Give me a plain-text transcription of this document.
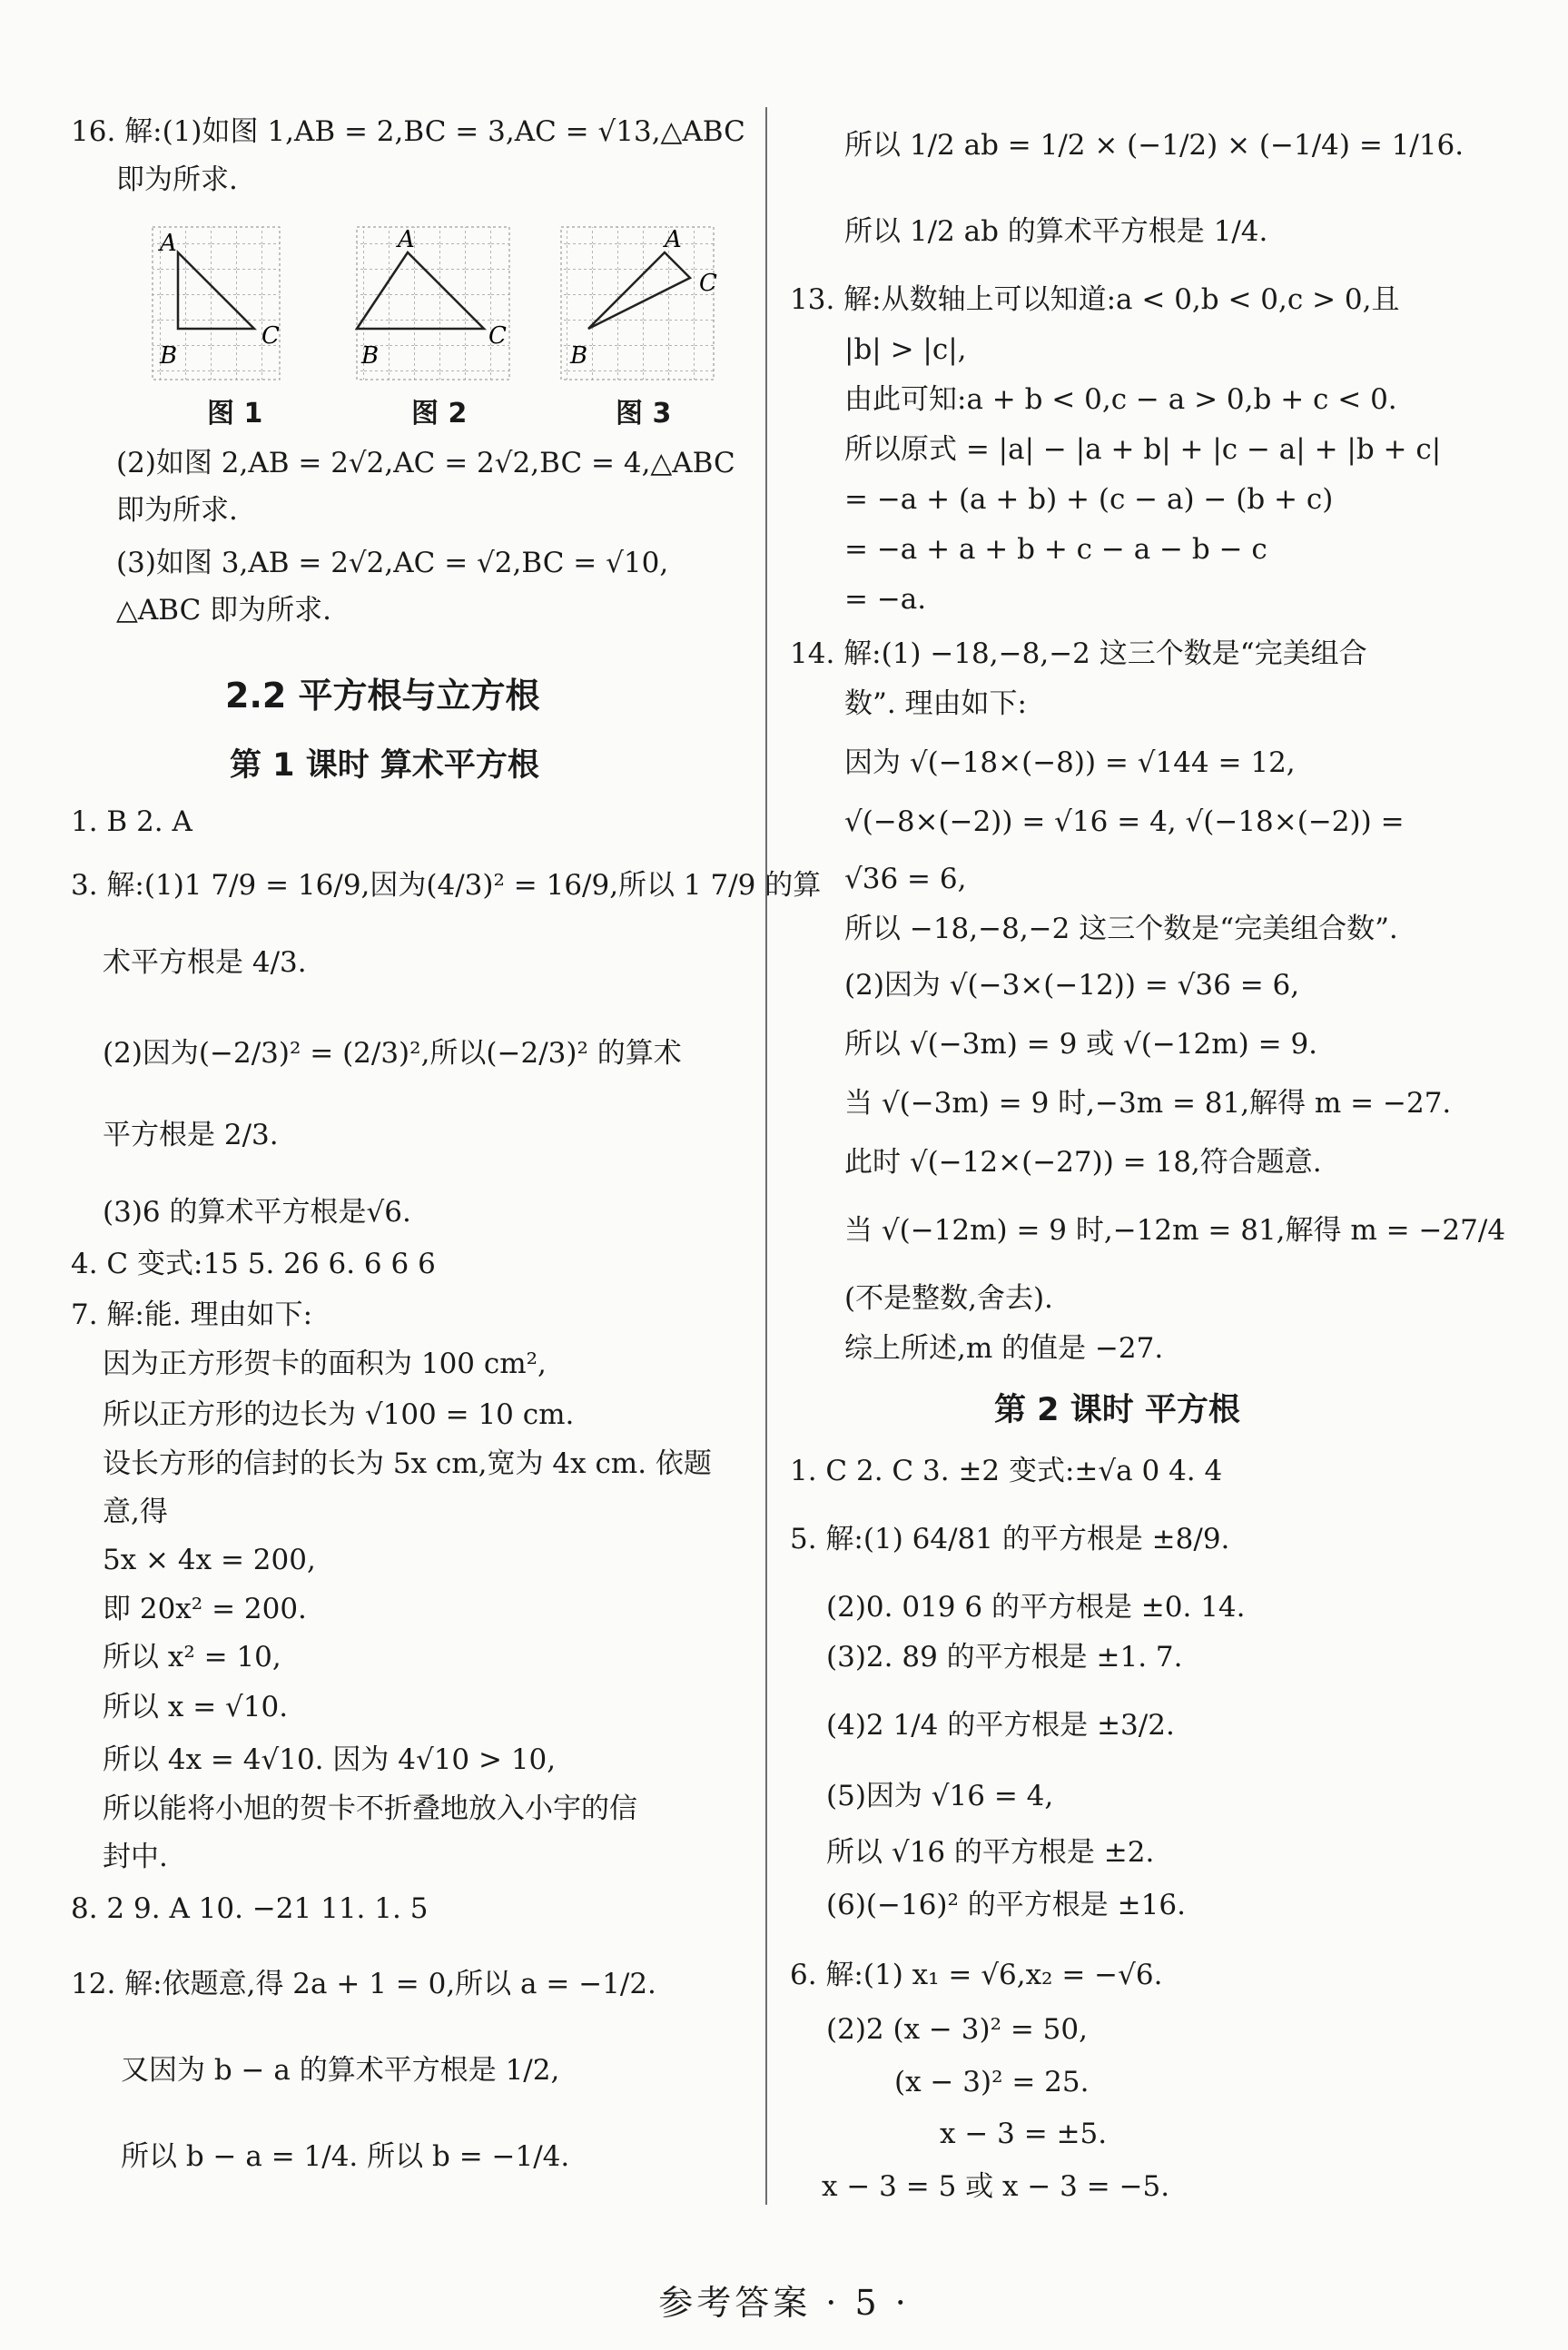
16. 解:(1)如图 1,AB = 2,BC = 3,AC = √13,△ABC
即为所求.
A
B
C
A
B
C
A
B
C
图 1	图 2	图 3
(2)如图 2,AB = 2√2,AC = 2√2,BC = 4,△ABC
即为所求.
(3)如图 3,AB = 2√2,AC = √2,BC = √10,
△ABC 即为所求.
2.2 平方根与立方根
第 1 课时 算术平方根
1. B 2. A
3. 解:(1)1 7/9 = 16/9,因为(4/3)² = 16/9,所以 1 7/9 的算
术平方根是 4/3.
(2)因为(−2/3)² = (2/3)²,所以(−2/3)² 的算术
平方根是 2/3.
(3)6 的算术平方根是√6.
4. C 变式:15 5. 26 6. 6 6 6
7. 解:能. 理由如下:
因为正方形贺卡的面积为 100 cm²,
所以正方形的边长为 √100 = 10 cm.
设长方形的信封的长为 5x cm,宽为 4x cm. 依题
意,得
5x × 4x = 200,
即 20x² = 200.
所以 x² = 10,
所以 x = √10.
所以 4x = 4√10. 因为 4√10 > 10,
所以能将小旭的贺卡不折叠地放入小宇的信
封中.
8. 2 9. A 10. −21 11. 1. 5
12. 解:依题意,得 2a + 1 = 0,所以 a = −1/2.
又因为 b − a 的算术平方根是 1/2,
所以 b − a = 1/4. 所以 b = −1/4.
所以 1/2 ab = 1/2 × (−1/2) × (−1/4) = 1/16.
所以 1/2 ab 的算术平方根是 1/4.
13. 解:从数轴上可以知道:a < 0,b < 0,c > 0,且
|b| > |c|,
由此可知:a + b < 0,c − a > 0,b + c < 0.
所以原式 = |a| − |a + b| + |c − a| + |b + c|
= −a + (a + b) + (c − a) − (b + c)
= −a + a + b + c − a − b − c
= −a.
14. 解:(1) −18,−8,−2 这三个数是“完美组合
数”. 理由如下:
因为 √(−18×(−8)) = √144 = 12,
√(−8×(−2)) = √16 = 4, √(−18×(−2)) =
√36 = 6,
所以 −18,−8,−2 这三个数是“完美组合数”.
(2)因为 √(−3×(−12)) = √36 = 6,
所以 √(−3m) = 9 或 √(−12m) = 9.
当 √(−3m) = 9 时,−3m = 81,解得 m = −27.
此时 √(−12×(−27)) = 18,符合题意.
当 √(−12m) = 9 时,−12m = 81,解得 m = −27/4
(不是整数,舍去).
综上所述,m 的值是 −27.
第 2 课时 平方根
1. C 2. C 3. ±2 变式:±√a 0 4. 4
5. 解:(1) 64/81 的平方根是 ±8/9.
(2)0. 019 6 的平方根是 ±0. 14.
(3)2. 89 的平方根是 ±1. 7.
(4)2 1/4 的平方根是 ±3/2.
(5)因为 √16 = 4,
所以 √16 的平方根是 ±2.
(6)(−16)² 的平方根是 ±16.
6. 解:(1) x₁ = √6,x₂ = −√6.
(2)2 (x − 3)² = 50,
(x − 3)² = 25.
x − 3 = ±5.
x − 3 = 5 或 x − 3 = −5.
参考答案 · 5 ·
